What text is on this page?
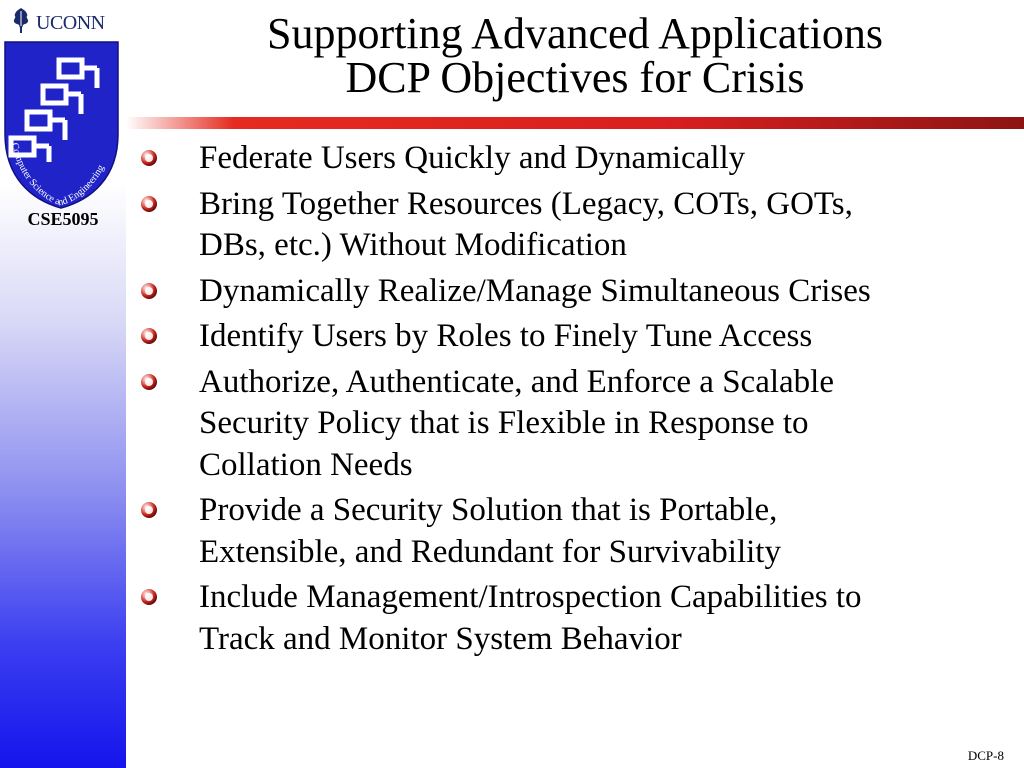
UCONN
Computer Science and Engineering
CSE5095
Supporting Advanced Applications
DCP Objectives for Crisis
Federate Users Quickly and Dynamically
Bring Together Resources (Legacy, COTs, GOTs,
DBs, etc.) Without Modification
Dynamically Realize/Manage Simultaneous Crises
Identify Users by Roles to Finely Tune Access
Authorize, Authenticate, and Enforce a Scalable
Security Policy that is Flexible in Response to
Collation Needs
Provide a Security Solution that is Portable,
Extensible, and Redundant for Survivability
Include Management/Introspection Capabilities to
Track and Monitor System Behavior
DCP-8
